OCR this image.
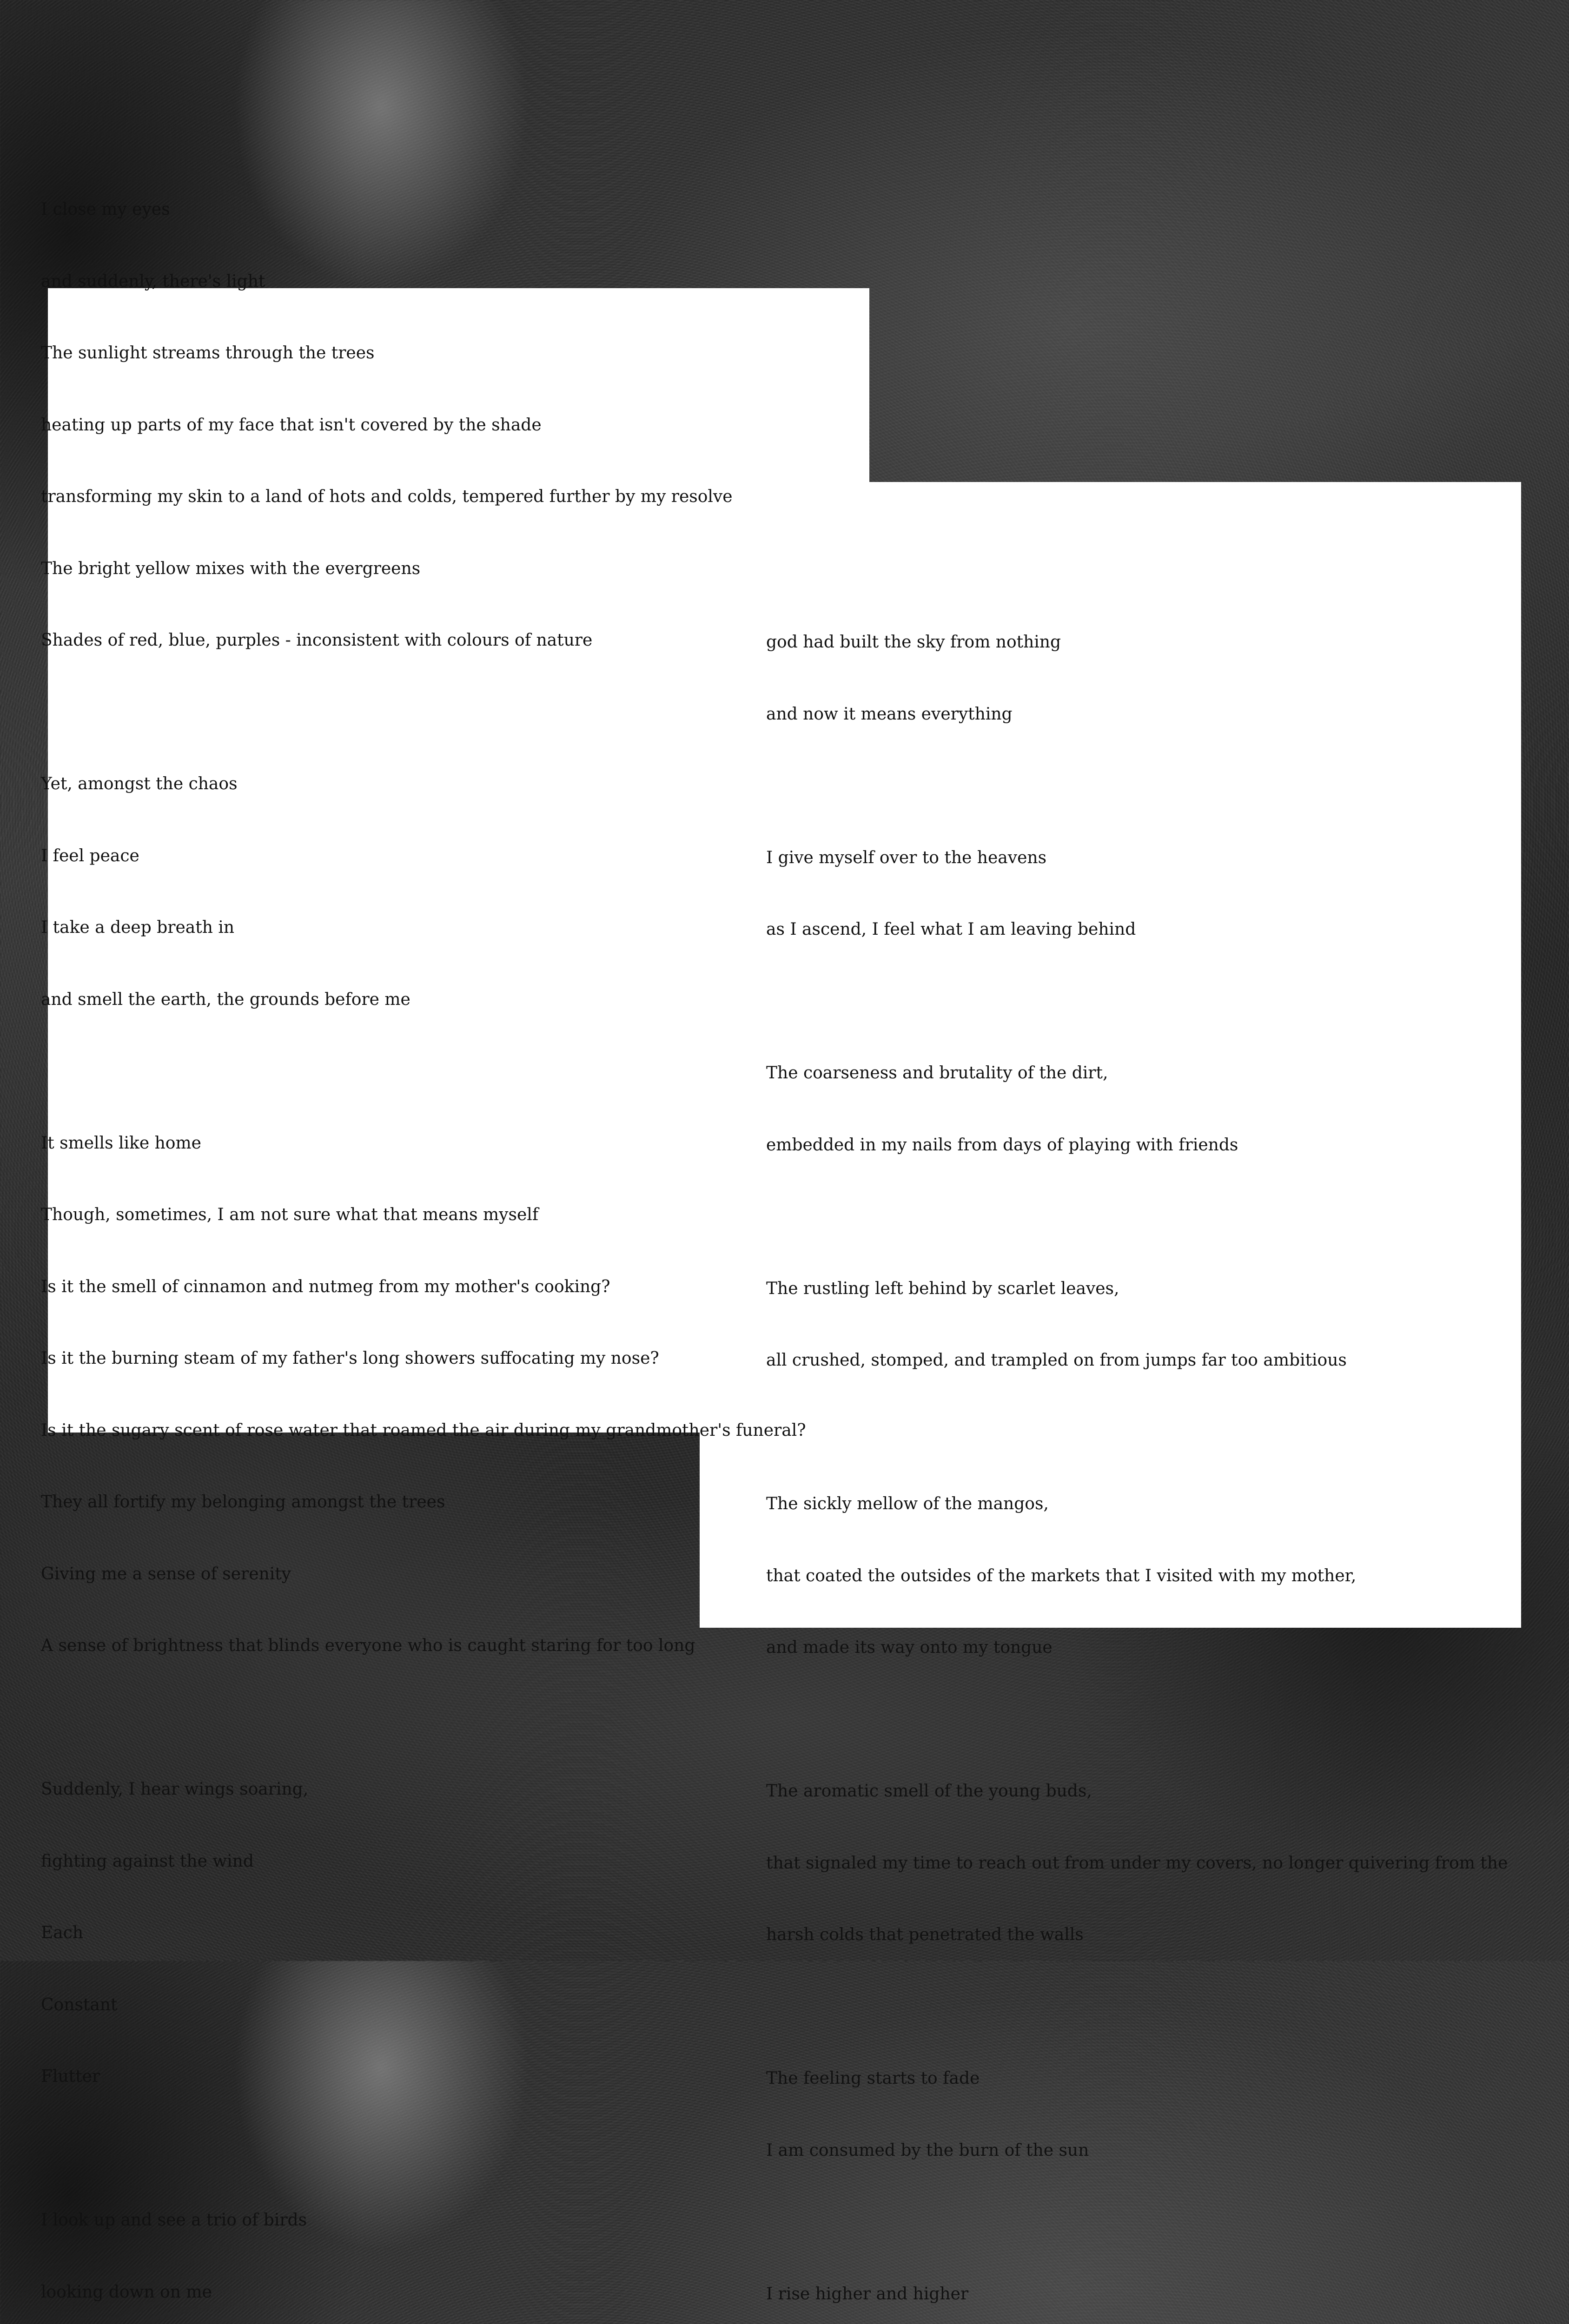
I close my eyes

and suddenly, there's light

The sunlight streams through the trees

heating up parts of my face that isn't covered by the shade

transforming my skin to a land of hots and colds, tempered further by my resolve

The bright yellow mixes with the evergreens

Shades of red, blue, purples - inconsistent with colours of nature

Yet, amongst the chaos

I feel peace

I take a deep breath in

and smell the earth, the grounds before me

It smells like home

Though, sometimes, I am not sure what that means myself

Is it the smell of cinnamon and nutmeg from my mother's cooking?

Is it the burning steam of my father's long showers suffocating my nose?

Is it the sugary scent of rose water that roamed the air during my grandmother's funeral?

They all fortify my belonging amongst the trees

Giving me a sense of serenity

A sense of brightness that blinds everyone who is caught staring for too long

Suddenly, I hear wings soaring,

fighting against the wind

Each

Constant

Flutter

I look up and see a trio of birds

looking down on me

god had built the sky from nothing

and now it means everything

I give myself over to the heavens

as I ascend, I feel what I am leaving behind

The coarseness and brutality of the dirt,

embedded in my nails from days of playing with friends

The rustling left behind by scarlet leaves,

all crushed, stomped, and trampled on from jumps far too ambitious

The sickly mellow of the mangos,

that coated the outsides of the markets that I visited with my mother,

and made its way onto my tongue

The aromatic smell of the young buds,

that signaled my time to reach out from under my covers, no longer quivering from the

harsh colds that penetrated the walls

The feeling starts to fade

I am consumed by the burn of the sun

I rise higher and higher
